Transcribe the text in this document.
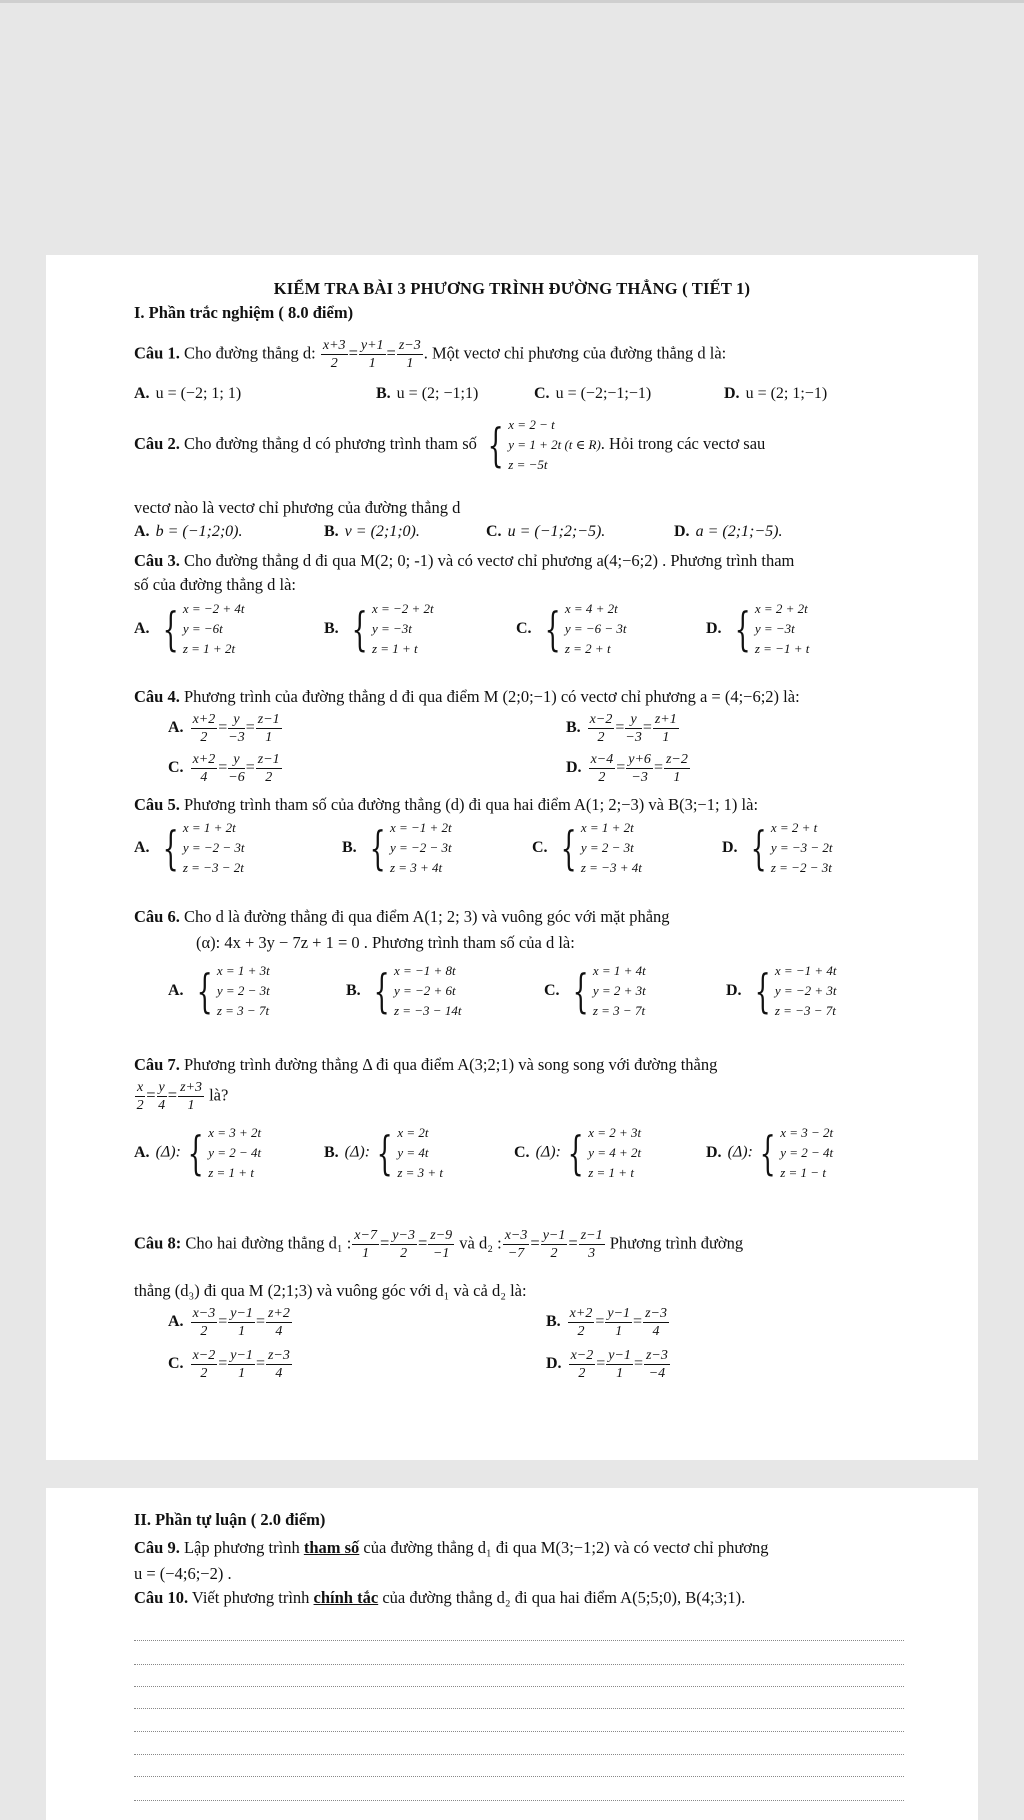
KIỂM TRA BÀI 3 PHƯƠNG TRÌNH ĐƯỜNG THẲNG ( TIẾT 1)
I. Phần trắc nghiệm ( 8.0 điểm)
Câu 1. Cho đường thẳng d: $\frac{x+3}{2} = \frac{y+1}{1} = \frac{z-3}{1}$ . Một vectơ chỉ phương của đường thẳng d là:
A. u = (−2; 1; 1)	B. u = (2; −1;1)	C. u = (−2;−1;−1)	D. u = (2; 1;−1)
Câu 2. Cho đường thẳng d có phương trình tham số { x = 2 − t
y = 1 + 2t (t ∈ R)
z = −5t
. Hỏi trong các vectơ sau
vectơ nào là vectơ chỉ phương của đường thẳng d
A. b = (−1;2;0).	B. v = (2;1;0).	C. u = (−1;2;−5).	D. a = (2;1;−5).
Câu 3. Cho đường thẳng d đi qua M(2; 0; -1) và có vectơ chỉ phương a(4;−6;2) . Phương trình tham
số của đường thẳng d là:
A. { x = −2 + 4t
y = −6t
z = 1 + 2t
B. { x = −2 + 2t
y = −3t
z = 1 + t
C. { x = 4 + 2t
y = −6 − 3t
z = 2 + t
D. { x = 2 + 2t
y = −3t
z = −1 + t
Câu 4. Phương trình của đường thẳng d đi qua điểm M (2;0;−1) có vectơ chỉ phương a = (4;−6;2) là:
A. $\frac{x+2}{2} = \frac{y}{-3} = \frac{z-1}{1}$	B. $\frac{x-2}{2} = \frac{y}{-3} = \frac{z+1}{1}$
C. $\frac{x+2}{4} = \frac{y}{-6} = \frac{z-1}{2}$	D. $\frac{x-4}{2} = \frac{y+6}{-3} = \frac{z-2}{1}$
Câu 5. Phương trình tham số của đường thẳng (d) đi qua hai điểm A(1; 2;−3) và B(3;−1; 1) là:
A. { x = 1 + 2t
y = −2 − 3t
z = −3 − 2t
B. { x = −1 + 2t
y = −2 − 3t
z = 3 + 4t
C. { x = 1 + 2t
y = 2 − 3t
z = −3 + 4t
D. { x = 2 + t
y = −3 − 2t
z = −2 − 3t
Câu 6. Cho d là đường thẳng đi qua điểm A(1; 2; 3) và vuông góc với mặt phẳng
(α): 4x + 3y − 7z + 1 = 0 . Phương trình tham số của d là:
A. { x = 1 + 3t
y = 2 − 3t
z = 3 − 7t
B. { x = −1 + 8t
y = −2 + 6t
z = −3 − 14t
C. { x = 1 + 4t
y = 2 + 3t
z = 3 − 7t
D. { x = −1 + 4t
y = −2 + 3t
z = −3 − 7t
Câu 7. Phương trình đường thẳng Δ đi qua điểm A(3;2;1) và song song với đường thẳng
$\frac{x}{2} = \frac{y}{4} = \frac{z+3}{1}$ là?
A. (Δ): { x = 3 + 2t
y = 2 − 4t
z = 1 + t
B. (Δ): { x = 2t
y = 4t
z = 3 + t
C. (Δ): { x = 2 + 3t
y = 4 + 2t
z = 1 + t
D. (Δ): { x = 3 − 2t
y = 2 − 4t
z = 1 − t
Câu 8: Cho hai đường thẳng d₁ : $\frac{x-7}{1} = \frac{y-3}{2} = \frac{z-9}{-1}$ và d₂ : $\frac{x-3}{-7} = \frac{y-1}{2} = \frac{z-1}{3}$ Phương trình đường
thẳng (d₃) đi qua M (2;1;3) và vuông góc với d₁ và cả d₂ là:
A. $\frac{x-3}{2} = \frac{y-1}{1} = \frac{z+2}{4}$	B. $\frac{x+2}{2} = \frac{y-1}{1} = \frac{z-3}{4}$
C. $\frac{x-2}{2} = \frac{y-1}{1} = \frac{z-3}{4}$	D. $\frac{x-2}{2} = \frac{y-1}{1} = \frac{z-3}{-4}$
II. Phần tự luận ( 2.0 điểm)
Câu 9. Lập phương trình tham số của đường thẳng d₁ đi qua M(3;−1;2) và có vectơ chỉ phương
u = (−4;6;−2) .
Câu 10. Viết phương trình chính tắc của đường thẳng d₂ đi qua hai điểm A(5;5;0), B(4;3;1).
